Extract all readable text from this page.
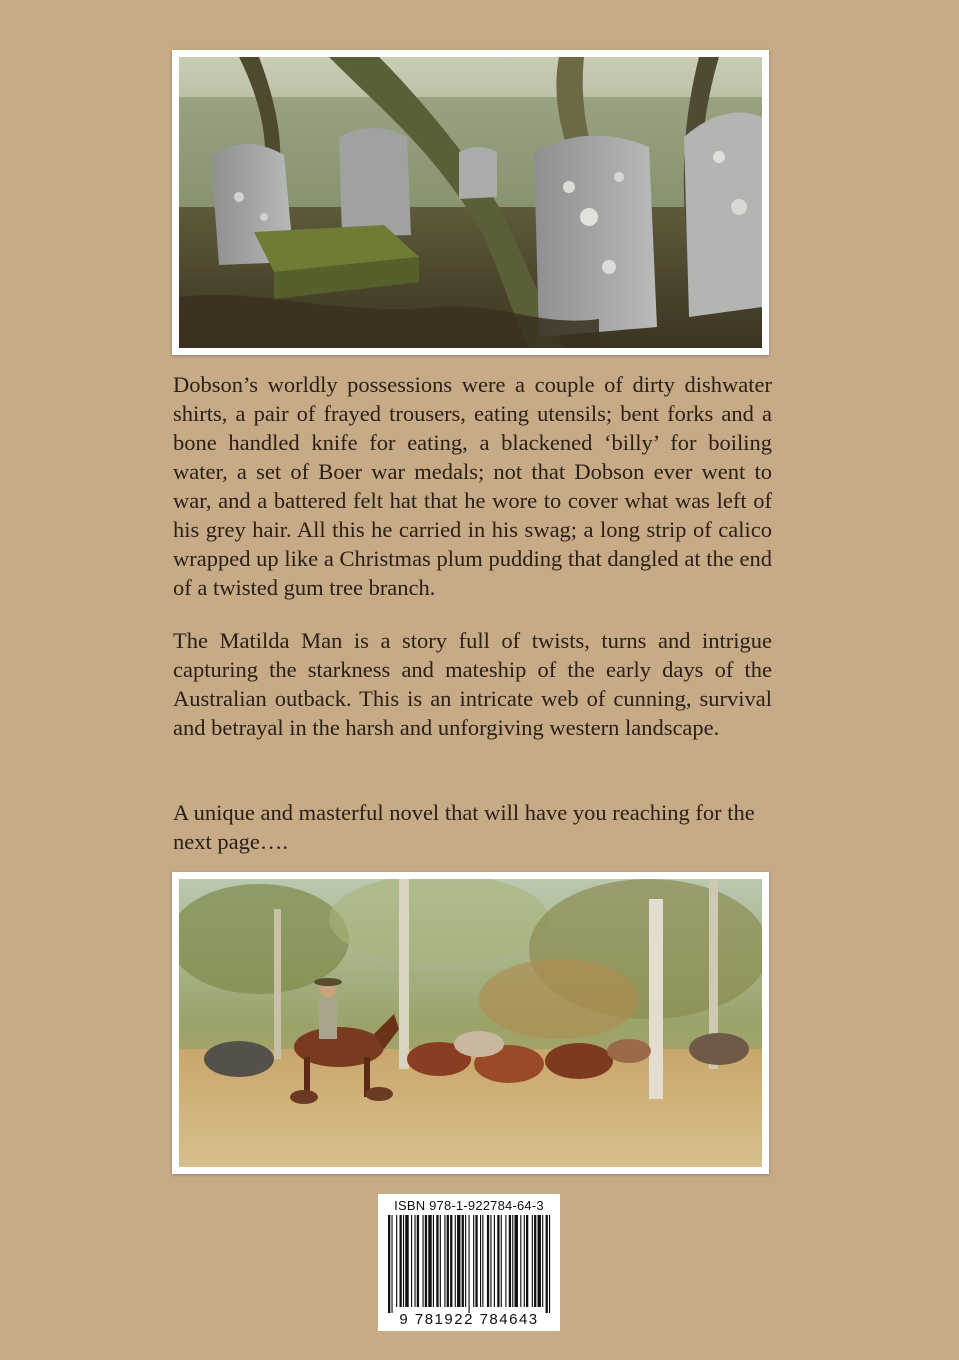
Dobson’s worldly possessions were a couple of dirty dishwater shirts, a pair of frayed trousers, eating utensils; bent forks and a bone handled knife for eating, a blackened ‘billy’ for boiling water, a set of Boer war medals; not that Dobson ever went to war, and a battered felt hat that he wore to cover what was left of his grey hair. All this he carried in his swag; a long strip of calico wrapped up like a Christmas plum pudding that dangled at the end of a twisted gum tree branch.

The Matilda Man is a story full of twists, turns and intrigue capturing the starkness and mateship of the early days of the Australian outback. This is an intricate web of cunning, survival and betrayal in the harsh and unforgiving western landscape.

A unique and masterful novel that will have you reaching for the next page….

ISBN 978-1-922784-64-3
9 781922 784643
